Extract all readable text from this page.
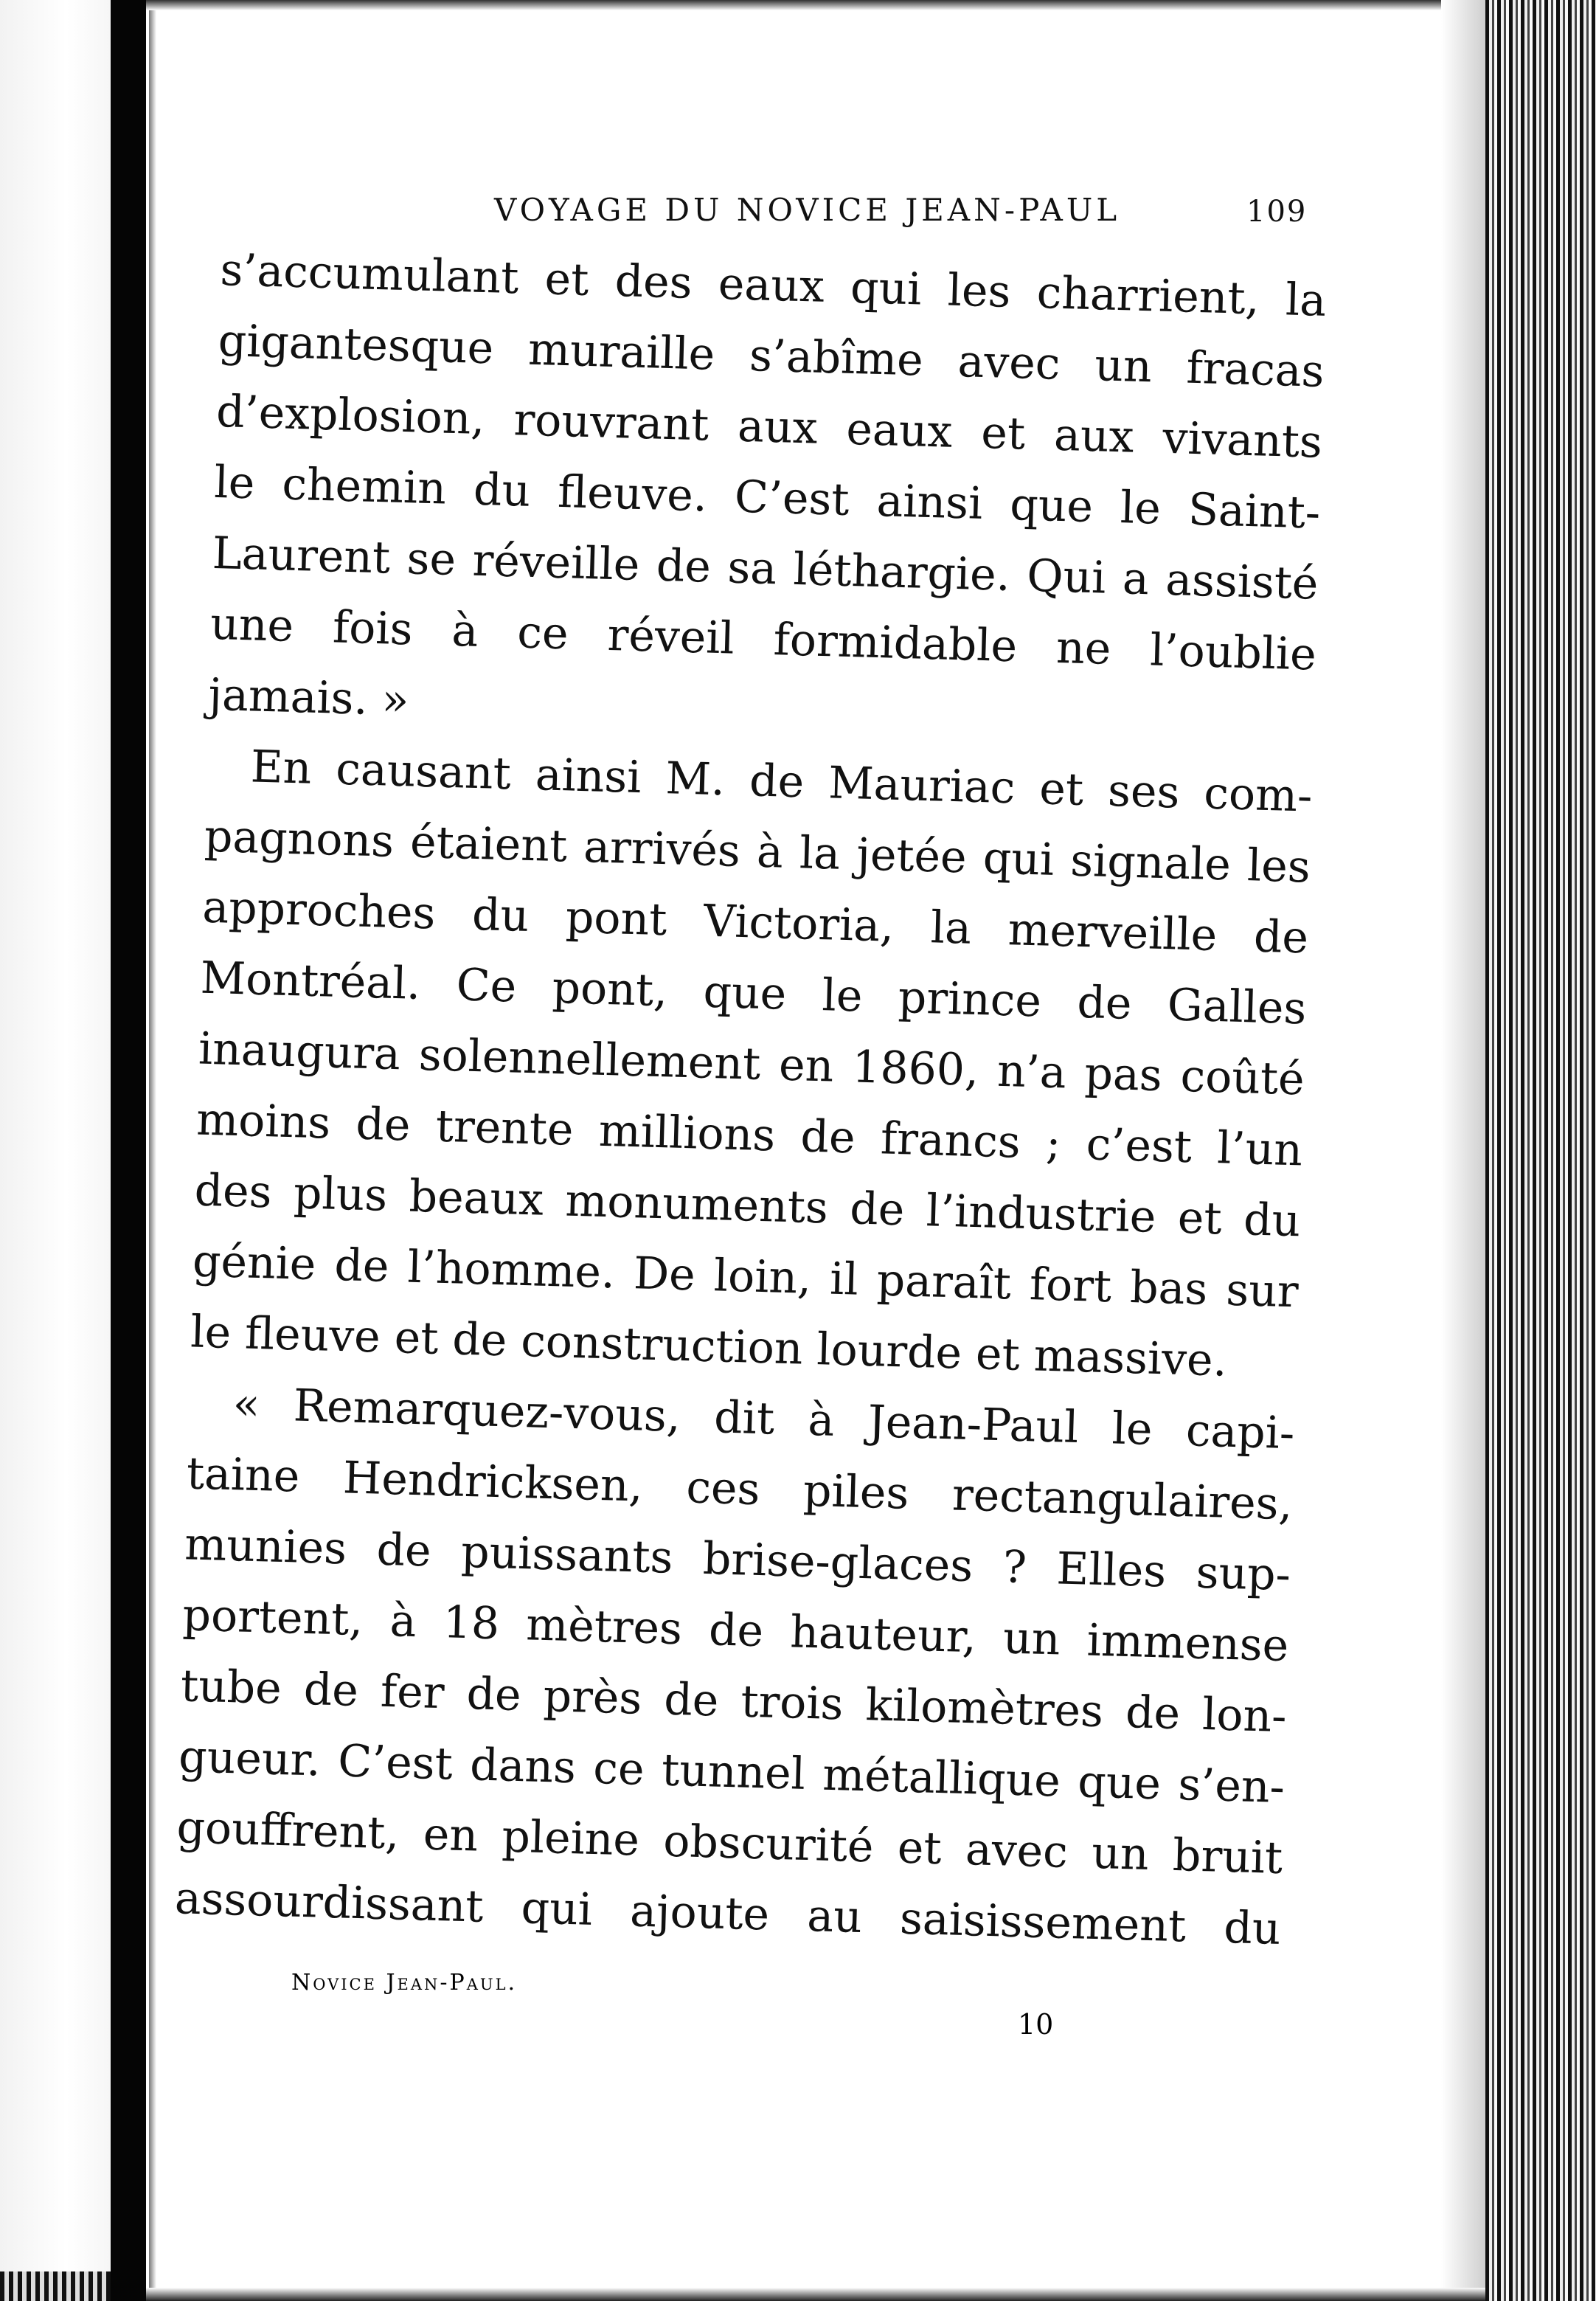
VOYAGE DU NOVICE JEAN-PAUL	109
s’accumulant et des eaux qui les charrient, la
gigantesque muraille s’abîme avec un fracas
d’explosion, rouvrant aux eaux et aux vivants
le chemin du fleuve. C’est ainsi que le Saint-
Laurent se réveille de sa léthargie. Qui a assisté
une fois à ce réveil formidable ne l’oublie
jamais. »
En causant ainsi M. de Mauriac et ses com-
pagnons étaient arrivés à la jetée qui signale les
approches du pont Victoria, la merveille de
Montréal. Ce pont, que le prince de Galles
inaugura solennellement en 1860, n’a pas coûté
moins de trente millions de francs ; c’est l’un
des plus beaux monuments de l’industrie et du
génie de l’homme. De loin, il paraît fort bas sur
le fleuve et de construction lourde et massive.
« Remarquez-vous, dit à Jean-Paul le capi-
taine Hendricksen, ces piles rectangulaires,
munies de puissants brise-glaces ? Elles sup-
portent, à 18 mètres de hauteur, un immense
tube de fer de près de trois kilomètres de lon-
gueur. C’est dans ce tunnel métallique que s’en-
gouffrent, en pleine obscurité et avec un bruit
assourdissant qui ajoute au saisissement du
Novice Jean-Paul.
10
